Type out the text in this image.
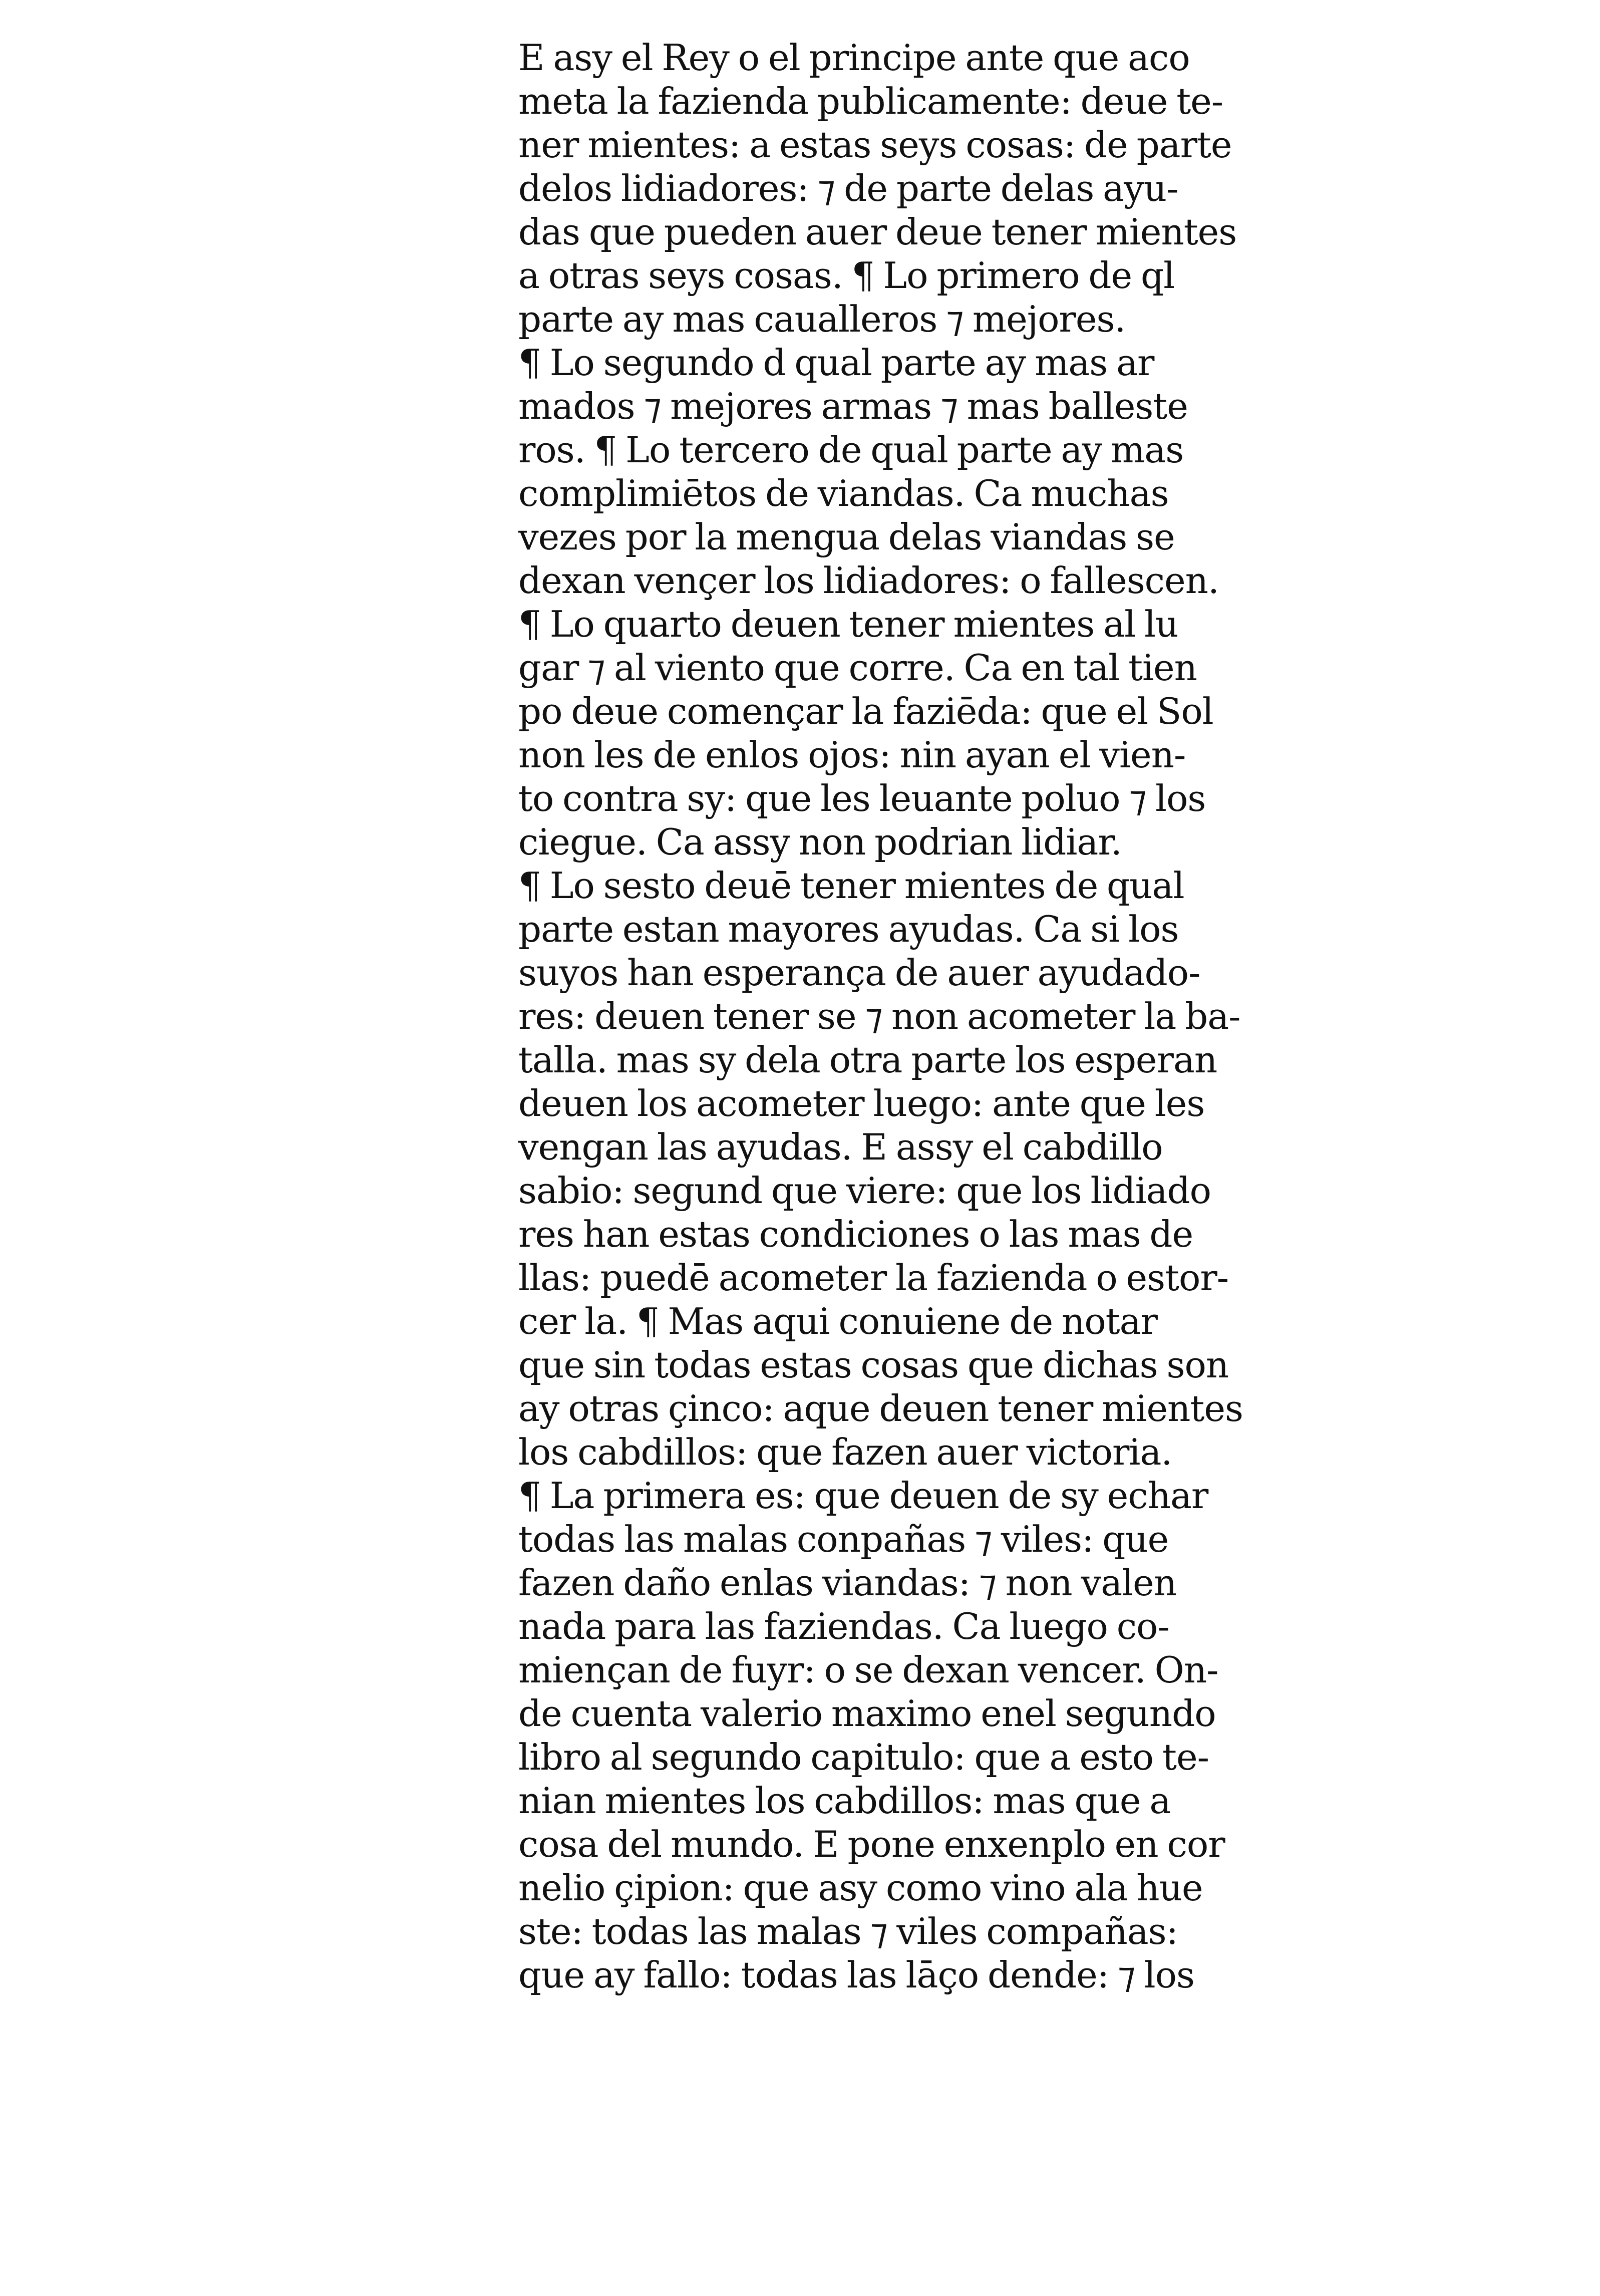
E asy el Rey o el principe ante que aco
meta la fazienda publicamente: deue te-
ner mientes: a estas seys cosas: de parte
delos lidiadores: ⁊ de parte delas ayu-
das que pueden auer deue tener mientes
a otras seys cosas. ¶ Lo primero de ql
parte ay mas caualleros ⁊ mejores.
¶ Lo segundo d qual parte ay mas ar
mados ⁊ mejores armas ⁊ mas balleste
ros. ¶ Lo tercero de qual parte ay mas
complimiētos de viandas. Ca muchas
vezes por la mengua delas viandas se
dexan vençer los lidiadores: o fallescen.
¶ Lo quarto deuen tener mientes al lu
gar ⁊ al viento que corre. Ca en tal tien
po deue començar la faziēda: que el Sol
non les de enlos ojos: nin ayan el vien-
to contra sy: que les leuante poluo ⁊ los
ciegue. Ca assy non podrian lidiar.
¶ Lo sesto deuē tener mientes de qual
parte estan mayores ayudas. Ca si los
suyos han esperança de auer ayudado-
res: deuen tener se ⁊ non acometer la ba-
talla. mas sy dela otra parte los esperan
deuen los acometer luego: ante que les
vengan las ayudas. E assy el cabdillo
sabio: segund que viere: que los lidiado
res han estas condiciones o las mas de
llas: puedē acometer la fazienda o estor-
cer la. ¶ Mas aqui conuiene de notar
que sin todas estas cosas que dichas son
ay otras çinco: aque deuen tener mientes
los cabdillos: que fazen auer victoria.
¶ La primera es: que deuen de sy echar
todas las malas conpañas ⁊ viles: que
fazen daño enlas viandas: ⁊ non valen
nada para las faziendas. Ca luego co-
miençan de fuyr: o se dexan vencer. On-
de cuenta valerio maximo enel segundo
libro al segundo capitulo: que a esto te-
nian mientes los cabdillos: mas que a
cosa del mundo. E pone enxenplo en cor
nelio çipion: que asy como vino ala hue
ste: todas las malas ⁊ viles compañas:
que ay fallo: todas las lāço dende: ⁊ los
